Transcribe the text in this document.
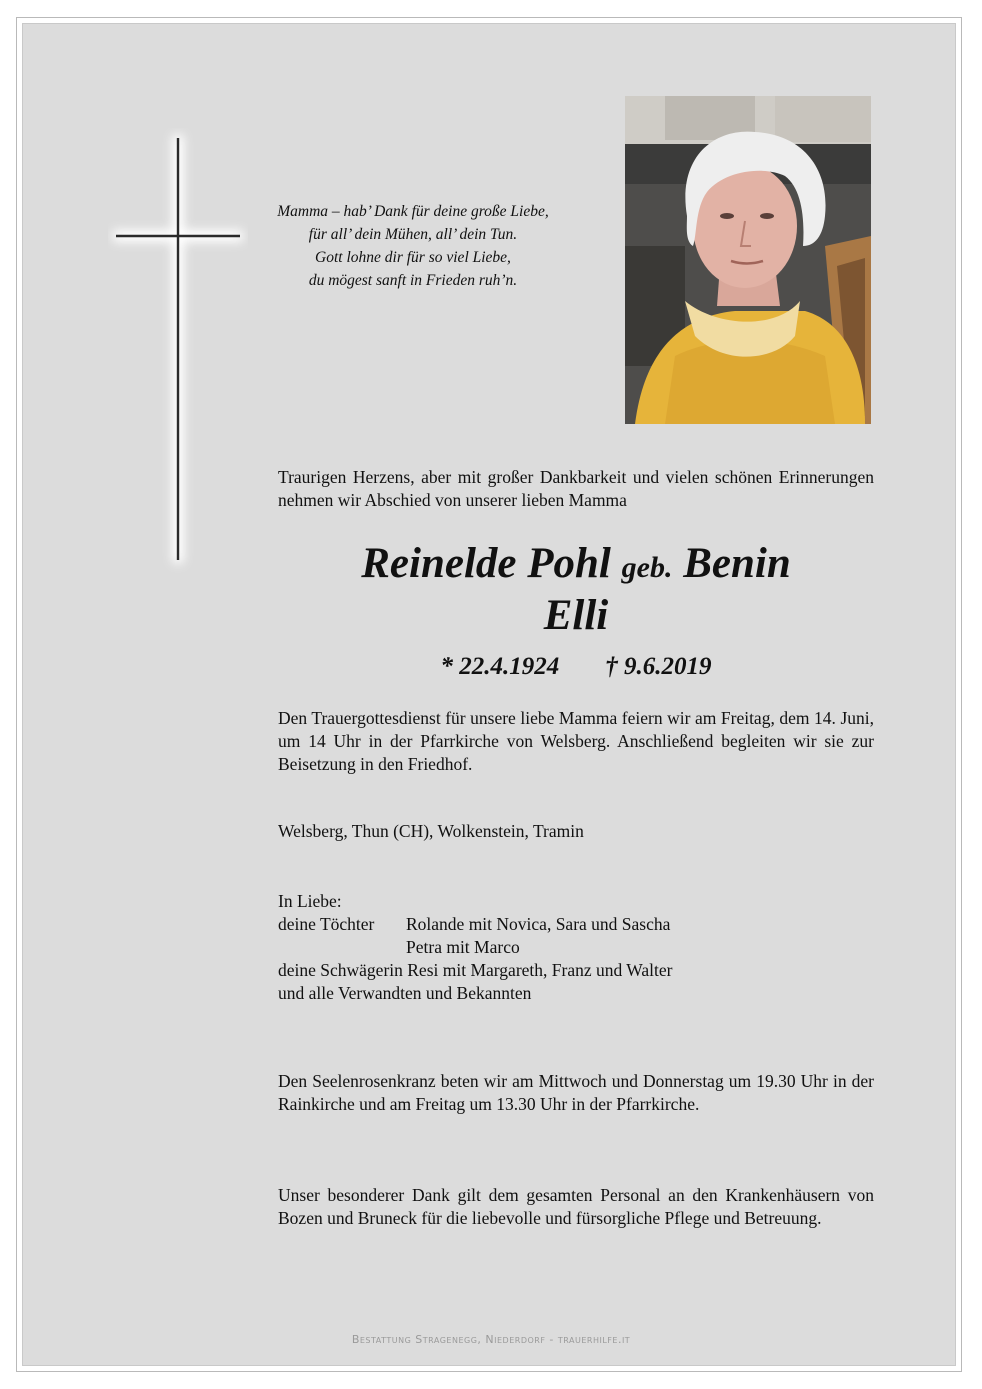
Mamma – hab’ Dank für deine große Liebe,
für all’ dein Mühen, all’ dein Tun.
Gott lohne dir für so viel Liebe,
du mögest sanft in Frieden ruh’n.
Traurigen Herzens, aber mit großer Dankbarkeit und vielen schönen Erinnerungen nehmen wir Abschied von unserer lieben Mamma
Reinelde Pohl geb. Benin
Elli
* 22.4.1924 † 9.6.2019
Den Trauergottesdienst für unsere liebe Mamma feiern wir am Freitag, dem 14. Juni, um 14 Uhr in der Pfarrkirche von Welsberg. Anschließend begleiten wir sie zur Beisetzung in den Friedhof.
Welsberg, Thun (CH), Wolkenstein, Tramin
In Liebe:
deine Töchter	Rolande mit Novica, Sara und Sascha
Petra mit Marco
deine Schwägerin Resi mit Margareth, Franz und Walter
und alle Verwandten und Bekannten
Den Seelenrosenkranz beten wir am Mittwoch und Donnerstag um 19.30 Uhr in der Rainkirche und am Freitag um 13.30 Uhr in der Pfarrkirche.
Unser besonderer Dank gilt dem gesamten Personal an den Krankenhäusern von Bozen und Bruneck für die liebevolle und fürsorgliche Pflege und Betreuung.
Bestattung Stragenegg, Niederdorf - trauerhilfe.it
